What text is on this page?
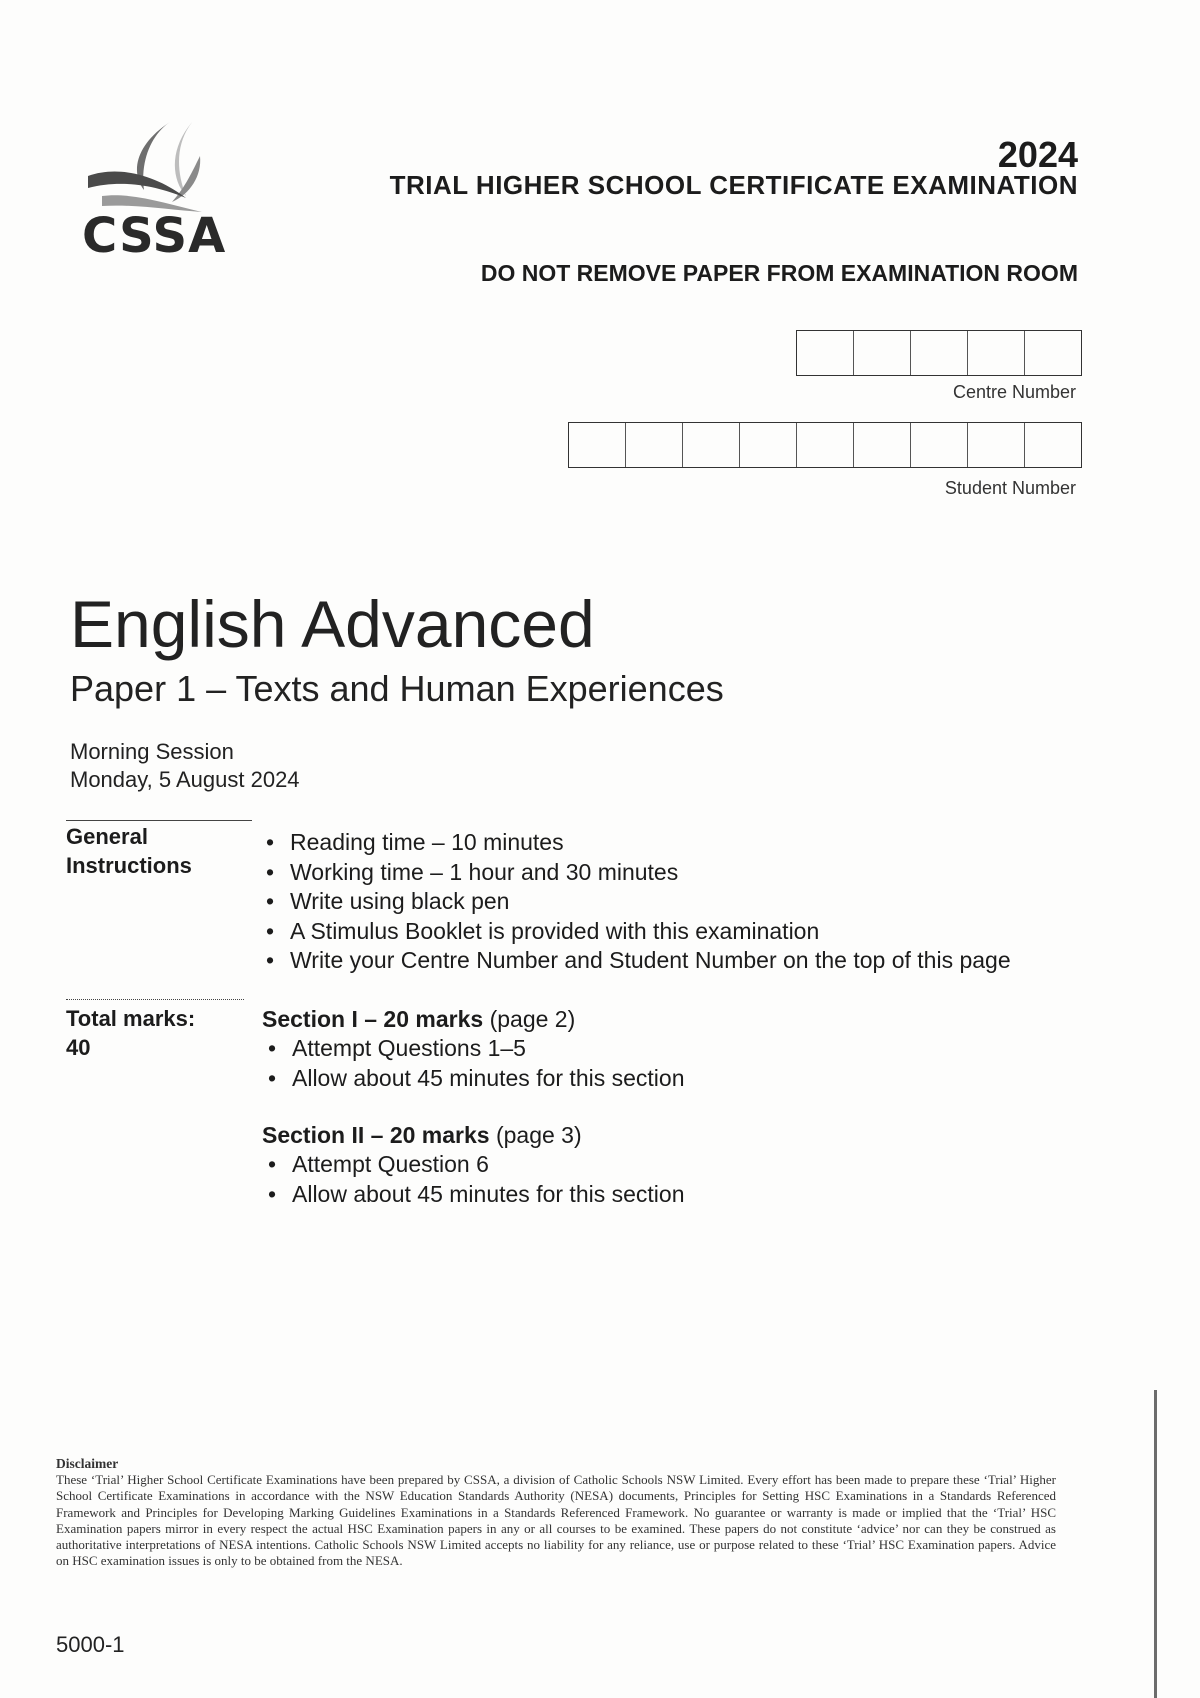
CSSA
2024
TRIAL HIGHER SCHOOL CERTIFICATE EXAMINATION
DO NOT REMOVE PAPER FROM EXAMINATION ROOM
Centre Number
Student Number
English Advanced
Paper 1 – Texts and Human Experiences
Morning Session
Monday, 5 August 2024
General
Instructions
• Reading time – 10 minutes
• Working time – 1 hour and 30 minutes
• Write using black pen
• A Stimulus Booklet is provided with this examination
• Write your Centre Number and Student Number on the top of this page
Total marks:
40
Section I – 20 marks (page 2)
• Attempt Questions 1–5
• Allow about 45 minutes for this section
Section II – 20 marks (page 3)
• Attempt Question 6
• Allow about 45 minutes for this section
Disclaimer
These ‘Trial’ Higher School Certificate Examinations have been prepared by CSSA, a division of Catholic Schools NSW Limited. Every effort has been made to prepare these ‘Trial’ Higher School Certificate Examinations in accordance with the NSW Education Standards Authority (NESA) documents, Principles for Setting HSC Examinations in a Standards Referenced Framework and Principles for Developing Marking Guidelines Examinations in a Standards Referenced Framework. No guarantee or warranty is made or implied that the ‘Trial’ HSC Examination papers mirror in every respect the actual HSC Examination papers in any or all courses to be examined. These papers do not constitute ‘advice’ nor can they be construed as authoritative interpretations of NESA intentions. Catholic Schools NSW Limited accepts no liability for any reliance, use or purpose related to these ‘Trial’ HSC Examination papers. Advice on HSC examination issues is only to be obtained from the NESA.
5000-1
